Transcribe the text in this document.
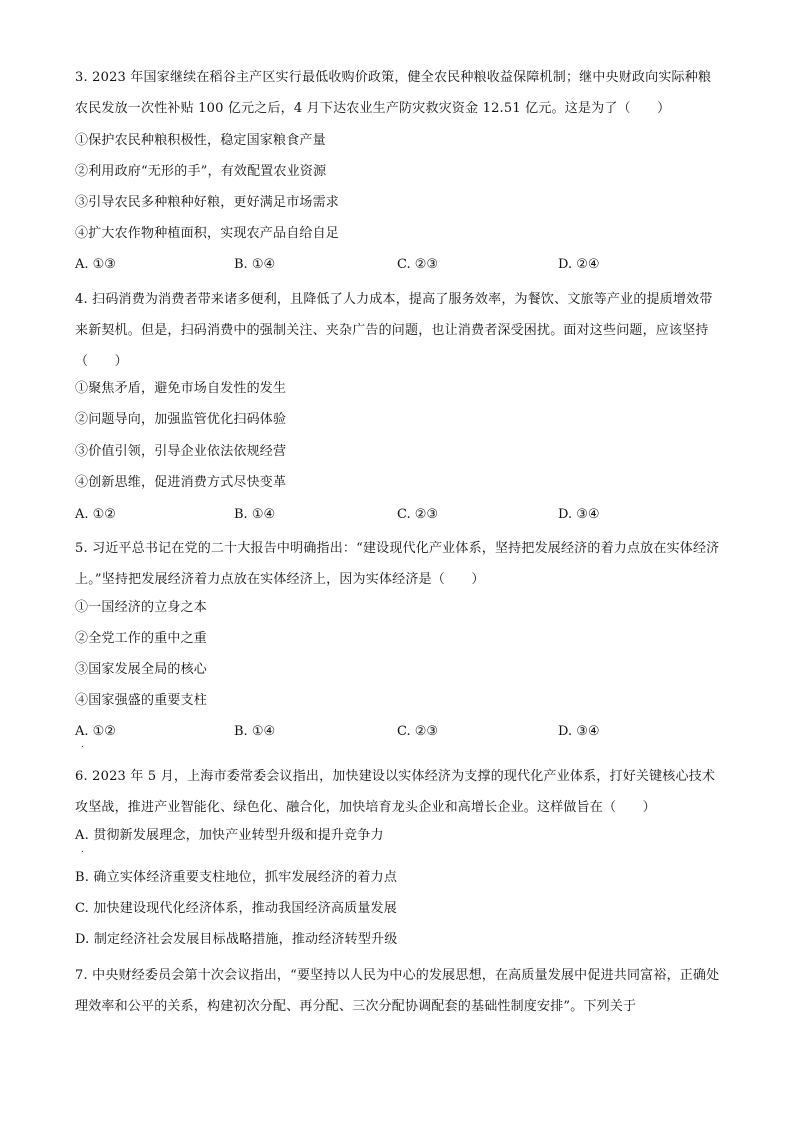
3. 2023 年国家继续在稻谷主产区实行最低收购价政策，健全农民种粮收益保障机制；继中央财政向实际种粮农民发放一次性补贴 100 亿元之后，4 月下达农业生产防灾救灾资金 12.51 亿元。这是为了（　　）
①保护农民种粮积极性，稳定国家粮食产量
②利用政府“无形的手”，有效配置农业资源
③引导农民多种粮种好粮，更好满足市场需求
④扩大农作物种植面积，实现农产品自给自足
A. ①③	B. ①④	C. ②③	D. ②④
4. 扫码消费为消费者带来诸多便利，且降低了人力成本，提高了服务效率，为餐饮、文旅等产业的提质增效带来新契机。但是，扫码消费中的强制关注、夹杂广告的问题，也让消费者深受困扰。面对这些问题，应该坚持（　　）
①聚焦矛盾，避免市场自发性的发生
②问题导向，加强监管优化扫码体验
③价值引领，引导企业依法依规经营
④创新思维，促进消费方式尽快变革
A. ①②	B. ①④	C. ②③	D. ③④
5. 习近平总书记在党的二十大报告中明确指出：“建设现代化产业体系，坚持把发展经济的着力点放在实体经济上。”坚持把发展经济着力点放在实体经济上，因为实体经济是（　　）
①一国经济的立身之本
②全党工作的重中之重
③国家发展全局的核心
④国家强盛的重要支柱
A. ①②
.
B. ①④	C. ②③	D. ③④
6. 2023 年 5 月，上海市委常委会议指出，加快建设以实体经济为支撑的现代化产业体系，打好关键核心技术攻坚战，推进产业智能化、绿色化、融合化，加快培育龙头企业和高增长企业。这样做旨在（　　）
A. 贯彻新发展理念，加快产业转型升级和提升竞争力
.
B. 确立实体经济重要支柱地位，抓牢发展经济的着力点
C. 加快建设现代化经济体系，推动我国经济高质量发展
D. 制定经济社会发展目标战略措施，推动经济转型升级
7. 中央财经委员会第十次会议指出，“要坚持以人民为中心的发展思想，在高质量发展中促进共同富裕，正确处理效率和公平的关系，构建初次分配、再分配、三次分配协调配套的基础性制度安排”。下列关于
